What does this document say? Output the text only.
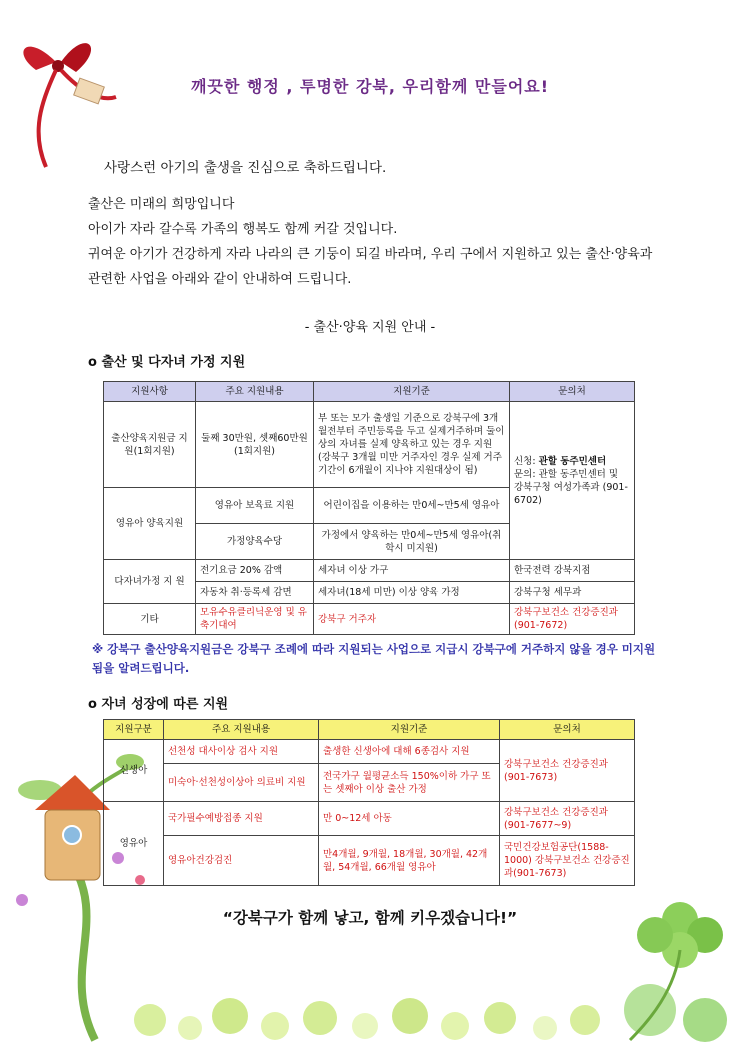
깨끗한 행정 , 투명한 강북, 우리함께 만들어요!
사랑스런 아기의 출생을 진심으로 축하드립니다.
출산은 미래의 희망입니다
아이가 자라 갈수록 가족의 행복도 함께 커갈 것입니다.
귀여운 아기가 건강하게 자라 나라의 큰 기둥이 되길 바라며, 우리 구에서 지원하고 있는 출산·양육과 관련한 사업을 아래와 같이 안내하여 드립니다.
- 출산·양육 지원 안내 -
o 출산 및 다자녀 가정 지원
지원사항	주요 지원내용	지원기준	문의처
출산양육지원금 지 원(1회지원)	둘째 30만원, 셋째60만원(1회지원)	부 또는 모가 출생일 기준으로 강북구에 3개월전부터 주민등록을 두고 실제거주하며 둘이상의 자녀를 실제 양육하고 있는 경우 지원 (강북구 3개월 미만 거주자인 경우 실제 거주기간이 6개월이 지나야 지원대상이 됨)	신청: 관할 동주민센터
문의: 관할 동주민센터 및 강북구청 여성가족과 (901-6702)
영유아 양육지원	영유아 보육료 지원	어린이집을 이용하는 만0세~만5세 영유아	
	가정양육수당	가정에서 양육하는 만0세~만5세 영유아(취학시 미지원)	
다자녀가정 지 원	전기요금 20% 감액	세자녀 이상 가구	한국전력 강북지점
	자동차 취·등록세 감면	세자녀(18세 미만) 이상 양육 가정	강북구청 세무과
기타	모유수유클리닉운영 및 유축기대여	강북구 거주자	강북구보건소 건강증진과(901-7672)
※ 강북구 출산양육지원금은 강북구 조례에 따라 지원되는 사업으로 지급시 강북구에 거주하지 않을 경우 미지원 됨을 알려드립니다.
o 자녀 성장에 따른 지원
지원구분	주요 지원내용	지원기준	문의처
신생아	선천성 대사이상 검사 지원	출생한 신생아에 대해 6종검사 지원	강북구보건소 건강증진과(901-7673)
	미숙아·선천성이상아 의료비 지원	전국가구 월평균소득 150%이하 가구 또는 셋째아 이상 출산 가정	
영유아	국가필수예방접종 지원	만 0~12세 아동	강북구보건소 건강증진과 (901-7677~9)
	영유아건강검진	만4개월, 9개월, 18개월, 30개월, 42개월, 54개월, 66개월 영유아	국민건강보험공단(1588-1000) 강북구보건소 건강증진과(901-7673)
“강북구가 함께 낳고, 함께 키우겠습니다!”
